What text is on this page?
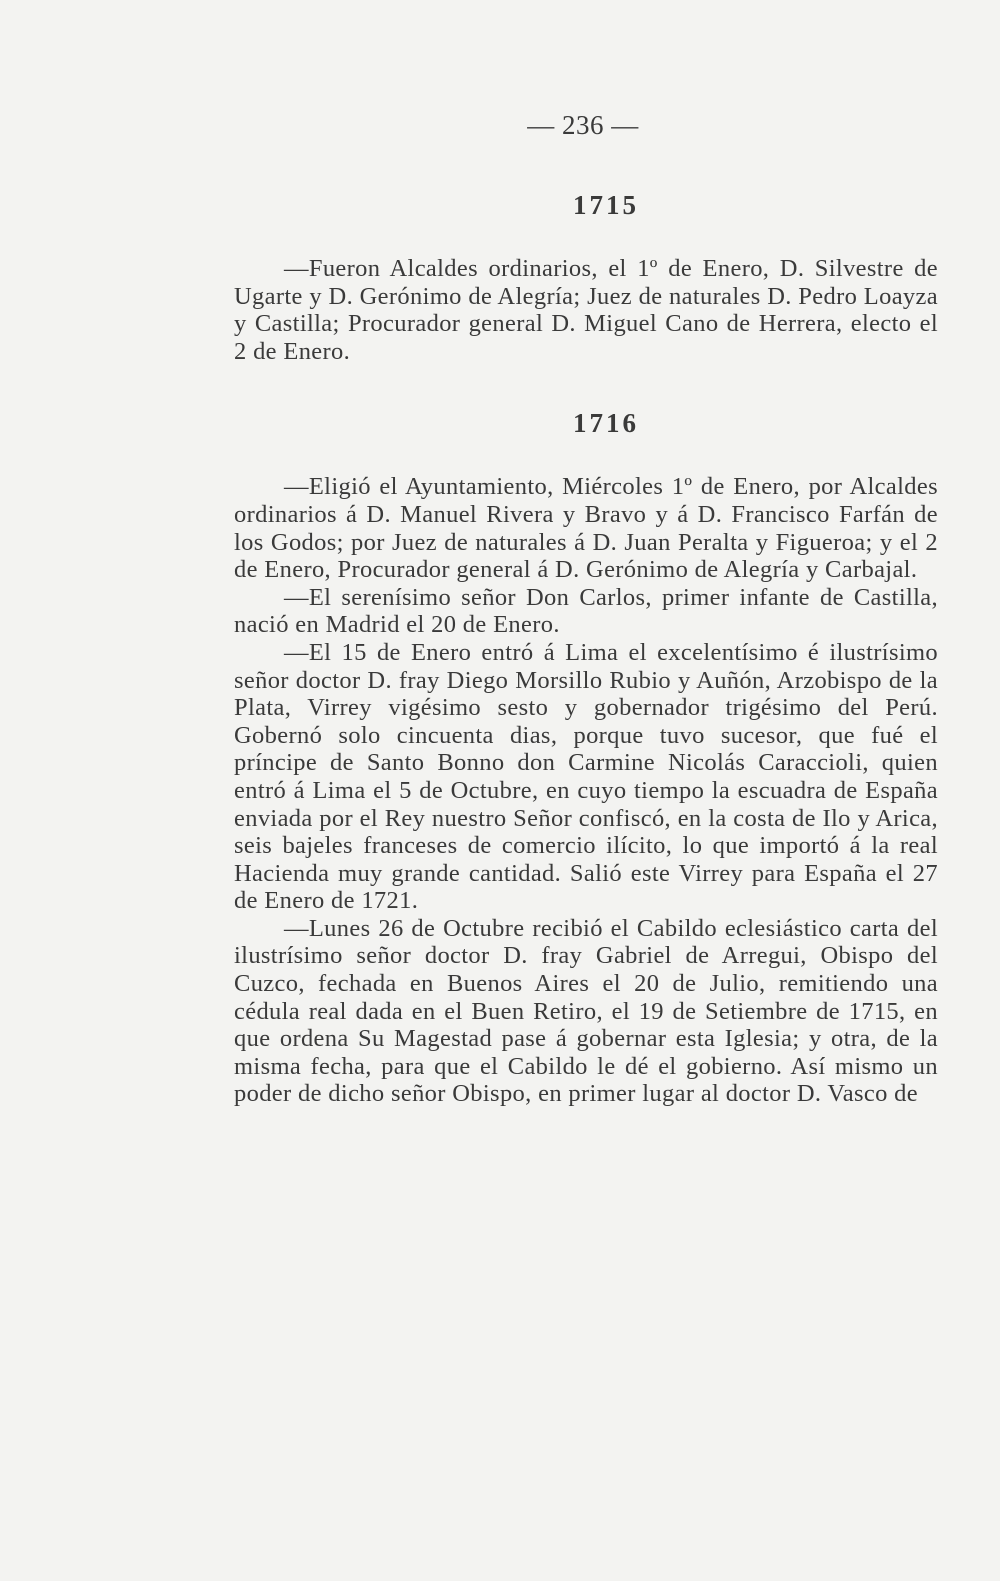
— 236 —
1715

—Fueron Alcaldes ordinarios, el 1º de Enero, D. Silvestre de Ugarte y D. Gerónimo de Alegría; Juez de naturales D. Pedro Loayza y Castilla; Procurador general D. Miguel Cano de Herrera, electo el 2 de Enero.

1716

—Eligió el Ayuntamiento, Miércoles 1º de Enero, por Alcaldes ordinarios á D. Manuel Rivera y Bravo y á D. Francisco Farfán de los Godos; por Juez de naturales á D. Juan Peralta y Figueroa; y el 2 de Enero, Procurador general á D. Gerónimo de Alegría y Carbajal.

—El serenísimo señor Don Carlos, primer infante de Castilla, nació en Madrid el 20 de Enero.

—El 15 de Enero entró á Lima el excelentísimo é ilustrísimo señor doctor D. fray Diego Morsillo Rubio y Auñón, Arzobispo de la Plata, Virrey vigésimo sesto y gobernador trigésimo del Perú. Gobernó solo cincuenta dias, porque tuvo sucesor, que fué el príncipe de Santo Bonno don Carmine Nicolás Caraccioli, quien entró á Lima el 5 de Octubre, en cuyo tiempo la escuadra de España enviada por el Rey nuestro Señor confiscó, en la costa de Ilo y Arica, seis bajeles franceses de comercio ilícito, lo que importó á la real Hacienda muy grande cantidad. Salió este Virrey para España el 27 de Enero de 1721.

—Lunes 26 de Octubre recibió el Cabildo eclesiástico carta del ilustrísimo señor doctor D. fray Gabriel de Arregui, Obispo del Cuzco, fechada en Buenos Aires el 20 de Julio, remitiendo una cédula real dada en el Buen Retiro, el 19 de Setiembre de 1715, en que ordena Su Magestad pase á gobernar esta Iglesia; y otra, de la misma fecha, para que el Cabildo le dé el gobierno. Así mismo un poder de dicho señor Obispo, en primer lugar al doctor D. Vasco de
